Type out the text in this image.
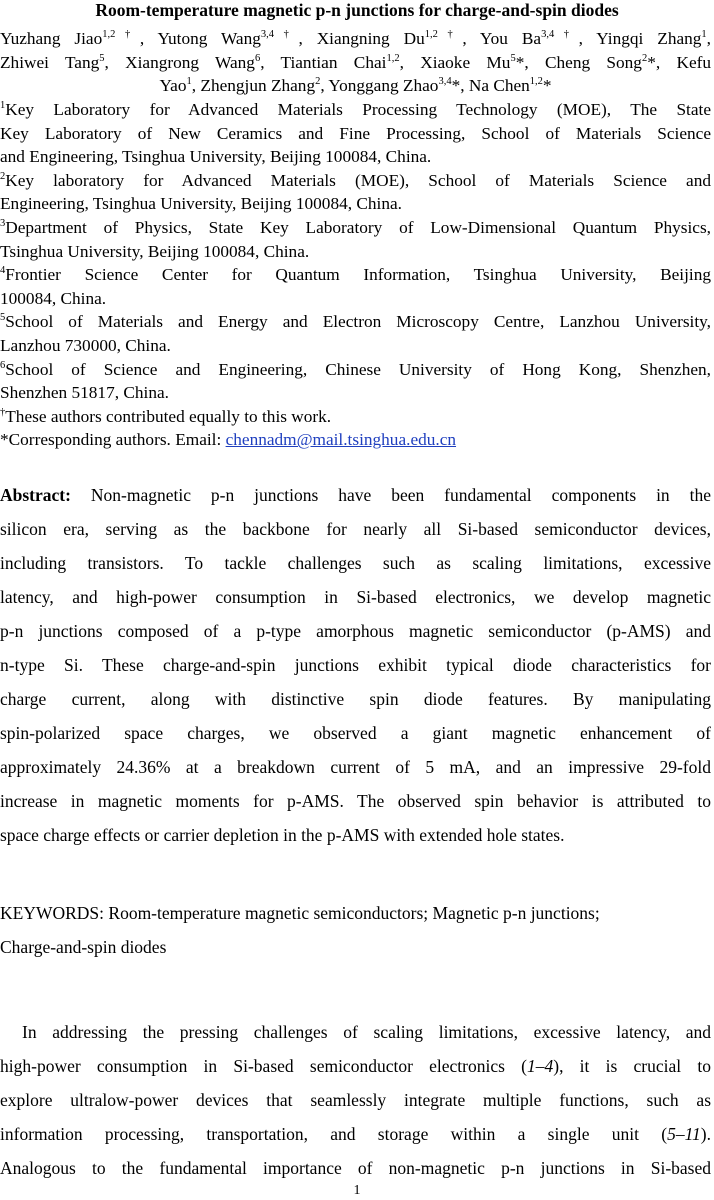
Room-temperature magnetic p-n junctions for charge-and-spin diodes
Yuzhang Jiao$^{1,2\dagger}$, Yutong Wang$^{3,4\dagger}$, Xiangning $Du^{1,2\dagger}$, You $Ba^{3,4\dagger}$, Yingqi Zhang$^1$,
Zhiwei Tang$^5$, Xiangrong Wang$^6$, Tiantian Chai$^{1,2}$, Xiaoke Mu$^5$*, Cheng Song$^2$*, Kefu
Yao$^1$, Zhengjun Zhang$^2$, Yonggang Zhao$^{3,4}$*, Na Chen$^{1,2}$*
$^1$Key Laboratory for Advanced Materials Processing Technology (MOE), The State
Key Laboratory of New Ceramics and Fine Processing, School of Materials Science
and Engineering, Tsinghua University, Beijing 100084, China.
$^2$Key laboratory for Advanced Materials (MOE), School of Materials Science and
Engineering, Tsinghua University, Beijing 100084, China.
$^3$Department of Physics, State Key Laboratory of Low-Dimensional Quantum Physics,
Tsinghua University, Beijing 100084, China.
$^4$Frontier Science Center for Quantum Information, Tsinghua University, Beijing
100084, China.
$^5$School of Materials and Energy and Electron Microscopy Centre, Lanzhou University,
Lanzhou 730000, China.
$^6$School of Science and Engineering, Chinese University of Hong Kong, Shenzhen,
Shenzhen 51817, China.
†These authors contributed equally to this work.
*Corresponding authors. Email: chennadm@mail.tsinghua.edu.cn
Abstract: Non-magnetic p-n junctions have been fundamental components in the
silicon era, serving as the backbone for nearly all Si-based semiconductor devices,
including transistors. To tackle challenges such as scaling limitations, excessive
latency, and high-power consumption in Si-based electronics, we develop magnetic
p-n junctions composed of a p-type amorphous magnetic semiconductor (p-AMS) and
n-type Si. These charge-and-spin junctions exhibit typical diode characteristics for
charge current, along with distinctive spin diode features. By manipulating
spin-polarized space charges, we observed a giant magnetic enhancement of
approximately 24.36% at a breakdown current of 5 mA, and an impressive 29-fold
increase in magnetic moments for p-AMS. The observed spin behavior is attributed to
space charge effects or carrier depletion in the p-AMS with extended hole states.
KEYWORDS: Room-temperature magnetic semiconductors; Magnetic p-n junctions;
Charge-and-spin diodes
In addressing the pressing challenges of scaling limitations, excessive latency, and
high-power consumption in Si-based semiconductor electronics (1–4), it is crucial to
explore ultralow-power devices that seamlessly integrate multiple functions, such as
information processing, transportation, and storage within a single unit (5–11).
Analogous to the fundamental importance of non-magnetic p-n junctions in Si-based
1
